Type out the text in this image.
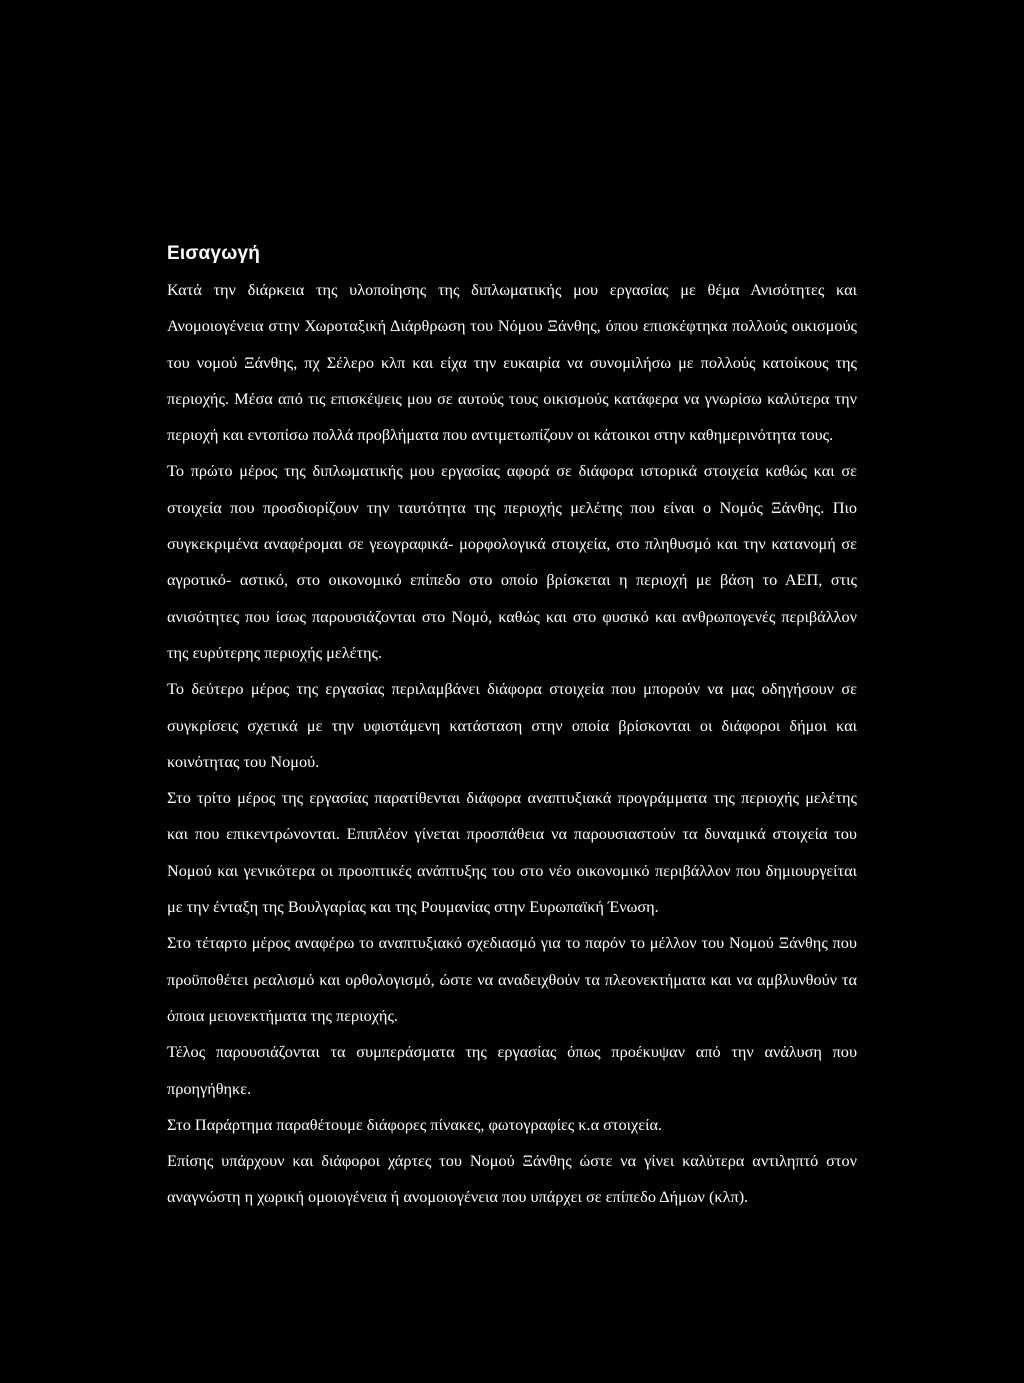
Εισαγωγή

Κατά την διάρκεια της υλοποίησης της διπλωματικής μου εργασίας με θέμα Ανισότητες και Ανομοιογένεια στην Χωροταξική Διάρθρωση του Νόμου Ξάνθης, όπου επισκέφτηκα πολλούς οικισμούς του νομού Ξάνθης, πχ Σέλερο κλπ και είχα την ευκαιρία να συνομιλήσω με πολλούς κατοίκους της περιοχής. Μέσα από τις επισκέψεις μου σε αυτούς τους οικισμούς κατάφερα να γνωρίσω καλύτερα την περιοχή και εντοπίσω πολλά προβλήματα που αντιμετωπίζουν οι κάτοικοι στην καθημερινότητα τους.

Το πρώτο μέρος της διπλωματικής μου εργασίας αφορά σε διάφορα ιστορικά στοιχεία καθώς και σε στοιχεία που προσδιορίζουν την ταυτότητα της περιοχής μελέτης που είναι ο Νομός Ξάνθης. Πιο συγκεκριμένα αναφέρομαι σε γεωγραφικά- μορφολογικά στοιχεία, στο πληθυσμό και την κατανομή σε αγροτικό- αστικό, στο οικονομικό επίπεδο στο οποίο βρίσκεται η περιοχή με βάση το ΑΕΠ, στις ανισότητες που ίσως παρουσιάζονται στο Νομό, καθώς και στο φυσικό και ανθρωπογενές περιβάλλον της ευρύτερης περιοχής μελέτης.

Το δεύτερο μέρος της εργασίας περιλαμβάνει διάφορα στοιχεία που μπορούν να μας οδηγήσουν σε συγκρίσεις σχετικά με την υφιστάμενη κατάσταση στην οποία βρίσκονται οι διάφοροι δήμοι και κοινότητας του Νομού.

Στο τρίτο μέρος της εργασίας παρατίθενται διάφορα αναπτυξιακά προγράμματα της περιοχής μελέτης και που επικεντρώνονται. Επιπλέον γίνεται προσπάθεια να παρουσιαστούν τα δυναμικά στοιχεία του Νομού και γενικότερα οι προοπτικές ανάπτυξης του στο νέο οικονομικό περιβάλλον που δημιουργείται με την ένταξη της Βουλγαρίας και της Ρουμανίας στην Ευρωπαϊκή Ένωση.

Στο τέταρτο μέρος αναφέρω το αναπτυξιακό σχεδιασμό για το παρόν το μέλλον του Νομού Ξάνθης που προϋποθέτει ρεαλισμό και ορθολογισμό, ώστε να αναδειχθούν τα πλεονεκτήματα και να αμβλυνθούν τα όποια μειονεκτήματα της περιοχής.

Τέλος παρουσιάζονται τα συμπεράσματα της εργασίας όπως προέκυψαν από την ανάλυση που προηγήθηκε.

Στο Παράρτημα παραθέτουμε διάφορες πίνακες, φωτογραφίες κ.α στοιχεία.

Επίσης υπάρχουν και διάφοροι χάρτες του Νομού Ξάνθης ώστε να γίνει καλύτερα αντιληπτό στον αναγνώστη η χωρική ομοιογένεια ή ανομοιογένεια που υπάρχει σε επίπεδο Δήμων (κλπ).
